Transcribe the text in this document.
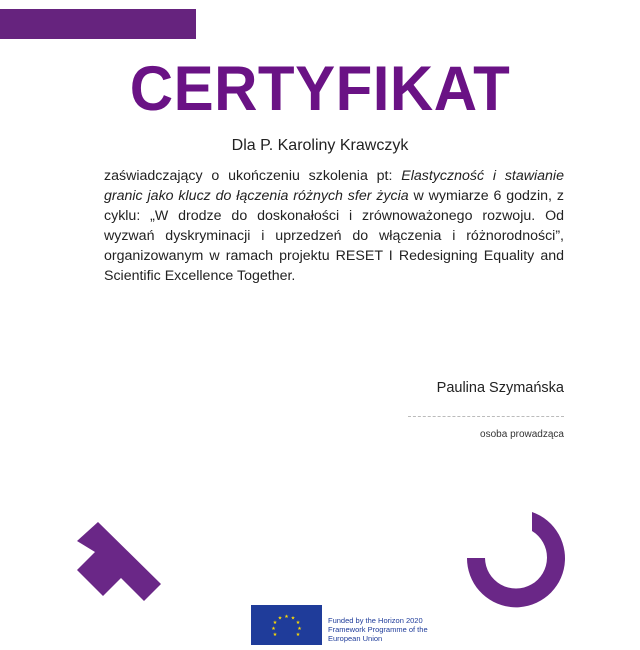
CERTYFIKAT
Dla P. Karoliny Krawczyk
zaświadczający o ukończeniu szkolenia pt: Elastyczność i stawianie granic jako klucz do łączenia różnych sfer życia w wymiarze 6 godzin, z cyklu: „W drodze do doskonałości i zrównoważonego rozwoju. Od wyzwań dyskryminacji i uprzedzeń do włączenia i różnorodności”, organizowanym w ramach projektu RESET I Redesigning Equality and Scientific Excellence Together.
Paulina Szymańska
osoba prowadząca
★ ★
★
★
★
★
★
★
★
Funded by the Horizon 2020
Framework Programme of the
European Union
